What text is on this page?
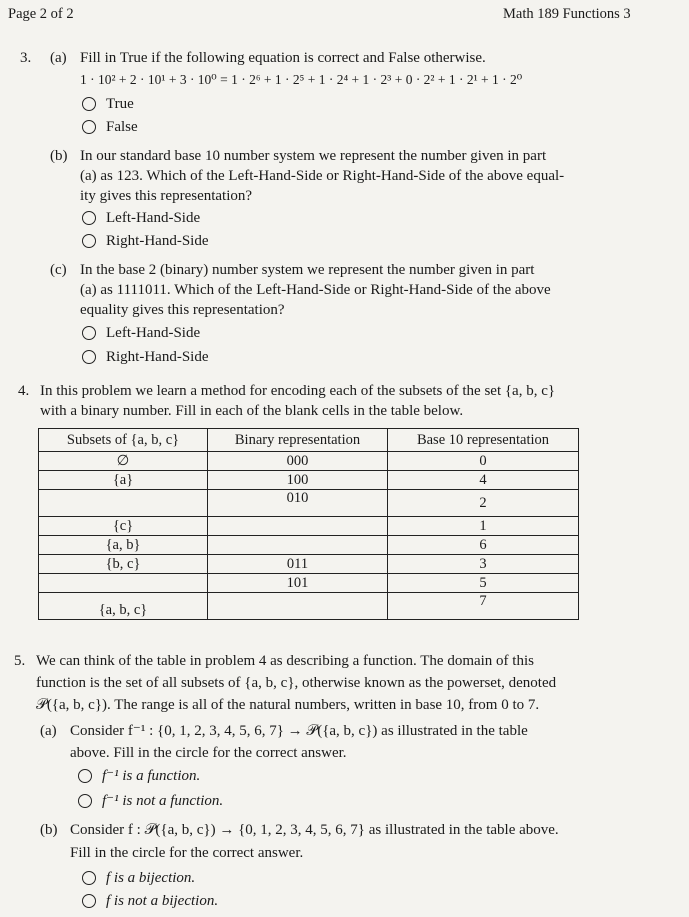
Page 2 of 2	Math 189 Functions 3
3. (a) Fill in True if the following equation is correct and False otherwise.
1 · 10² + 2 · 10¹ + 3 · 10⁰ = 1 · 2⁶ + 1 · 2⁵ + 1 · 2⁴ + 1 · 2³ + 0 · 2² + 1 · 2¹ + 1 · 2⁰
True
False
(b) In our standard base 10 number system we represent the number given in part
(a) as 123. Which of the Left-Hand-Side or Right-Hand-Side of the above equal-
ity gives this representation?
Left-Hand-Side
Right-Hand-Side
(c) In the base 2 (binary) number system we represent the number given in part
(a) as 1111011. Which of the Left-Hand-Side or Right-Hand-Side of the above
equality gives this representation?
Left-Hand-Side
Right-Hand-Side
4. In this problem we learn a method for encoding each of the subsets of the set {a, b, c}
with a binary number. Fill in each of the blank cells in the table below.
Subsets of {a, b, c}	Binary representation	Base 10 representation
∅	000	0
{a}	100	4
	010	2
{c}		1
{a, b}		6
{b, c}	011	3
	101	5
{a, b, c}		7
5. We can think of the table in problem 4 as describing a function. The domain of this
function is the set of all subsets of {a, b, c}, otherwise known as the powerset, denoted
𝒫({a, b, c}). The range is all of the natural numbers, written in base 10, from 0 to 7.
(a) Consider f⁻¹ : {0, 1, 2, 3, 4, 5, 6, 7} → 𝒫({a, b, c}) as illustrated in the table
above. Fill in the circle for the correct answer.
f⁻¹ is a function.
f⁻¹ is not a function.
(b) Consider f : 𝒫({a, b, c}) → {0, 1, 2, 3, 4, 5, 6, 7} as illustrated in the table above.
Fill in the circle for the correct answer.
f is a bijection.
f is not a bijection.
